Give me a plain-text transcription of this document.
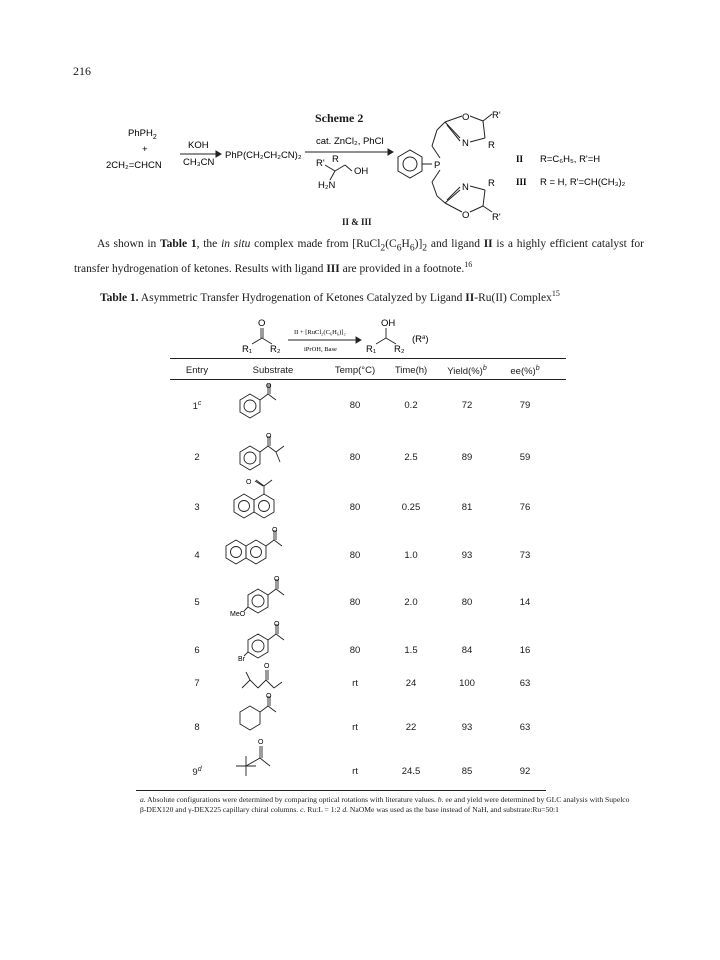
216
Scheme 2
PhPH$_2$
+
2CH₂=CHCN
KOH
CH₃CN
PhP(CH₂CH₂CN)₂
cat. ZnCl₂, PhCl
R' R
OH
H₂N
O
N R
R'
P
N R
R'
O
II R=C₆H₅, R'=H
III R = H, R'=CH(CH₃)₂
II & III
  As shown in Table 1, the in situ complex made from $[RuCl_2(C_6H_6)]_2$ and ligand II is a highly efficient catalyst for transfer hydrogenation of ketones. Results with ligand III are provided in a footnote.$^{16}$
Table 1. Asymmetric Transfer Hydrogenation of Ketones Catalyzed by Ligand II-Ru(II) Complex$^{15}$
O
R₁ R₂
II + [RuCl₂(C₆H₆)]₂
iPrOH, Base
OH
R₁ R₂
$(R^a)$
Entry	Substrate	Temp(°C)	Time(h)	Yield(%)$^b$	ee(%)$^b$
O
O
O
O
O
MeO
O
Br
O
O
O
1$^c$	80	0.2	72	79
2	80	2.5	89	59
3	80	0.25	81	76
4	80	1.0	93	73
5	80	2.0	80	14
6	80	1.5	84	16
7	rt	24	100	63
8	rt	22	93	63
9$^d$	rt	24.5	85	92
a. Absolute configurations were determined by comparing optical rotations with literature values. b. ee and yield were determined by GLC analysis with Supelco β-DEX120 and γ-DEX225 capillary chiral columns. c. Ru:L = 1:2 d. NaOMe was used as the base instead of NaH, and substrate:Ru=50:1
